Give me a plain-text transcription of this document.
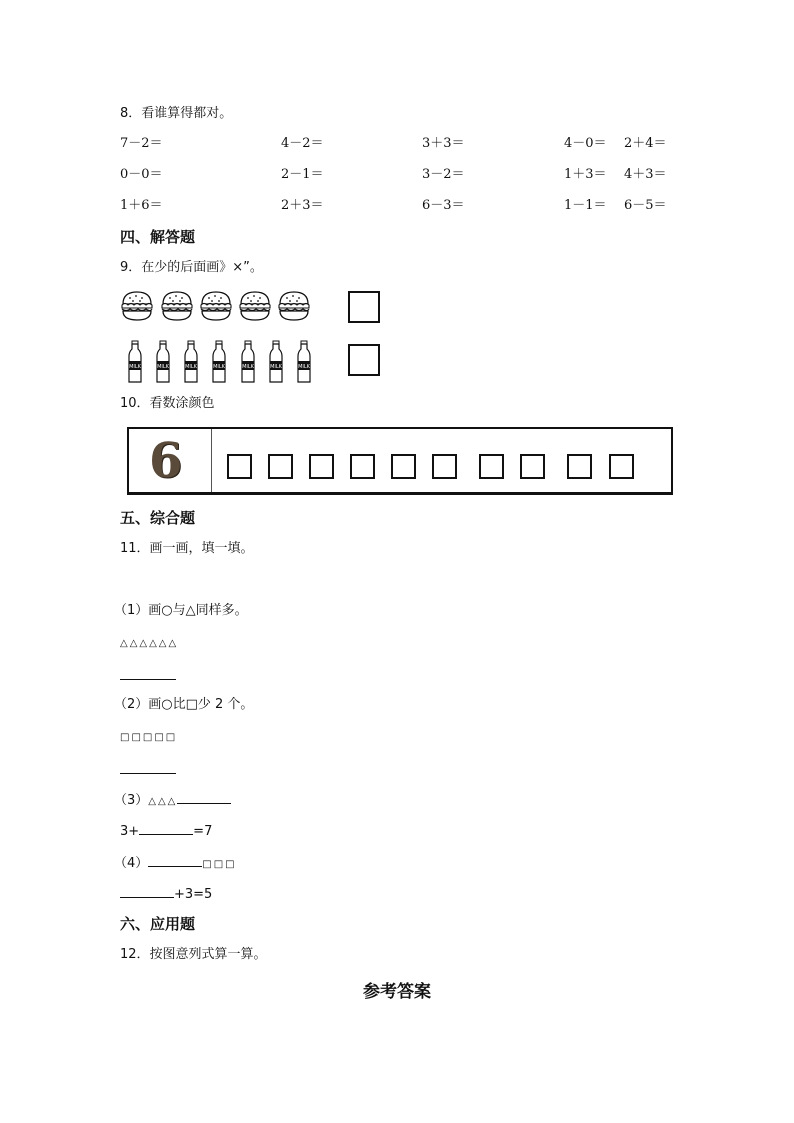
8．看谁算得都对。
7－2＝	4－2＝	3＋3＝	4－0＝ 2＋4＝
0－0＝	2－1＝	3－2＝	1＋3＝ 4＋3＝
1＋6＝	2＋3＝	6－3＝	1－1＝ 6－5＝
四、解答题
9．在少的后面画》×”。
MILK	MILK	MILK	MILK	MILK	MILK	MILK
10．看数涂颜色
6
五、综合题
11．画一画，填一填。
（1）画○与△同样多。
△△△△△△
（2）画○比□少 2 个。
□□□□□
（3）△△△
3+	=7
（4）	□□□
+3=5
六、应用题
12．按图意列式算一算。
参考答案
